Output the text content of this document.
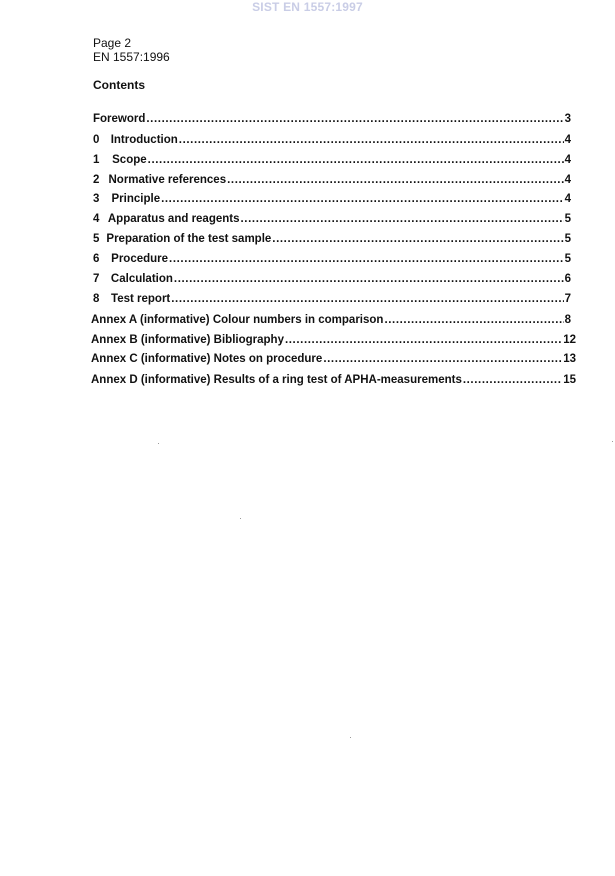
SIST EN 1557:1997
Page 2
EN 1557:1996
Contents
Foreword .....	3
0 Introduction .....	4
1	Scope .....	4
2 Normative references .....	4
3	Principle .....	4
4 Apparatus and reagents .....	5
5 Preparation of the test sample .....	5
6	Procedure .....	5
7	Calculation .....	6
8	Test report .....	7
Annex A (informative) Colour numbers in comparison .....	8
Annex B (informative) Bibliography .....	12
Annex C (informative) Notes on procedure .....	13
Annex D (informative) Results of a ring test of APHA-measurements .....	15
